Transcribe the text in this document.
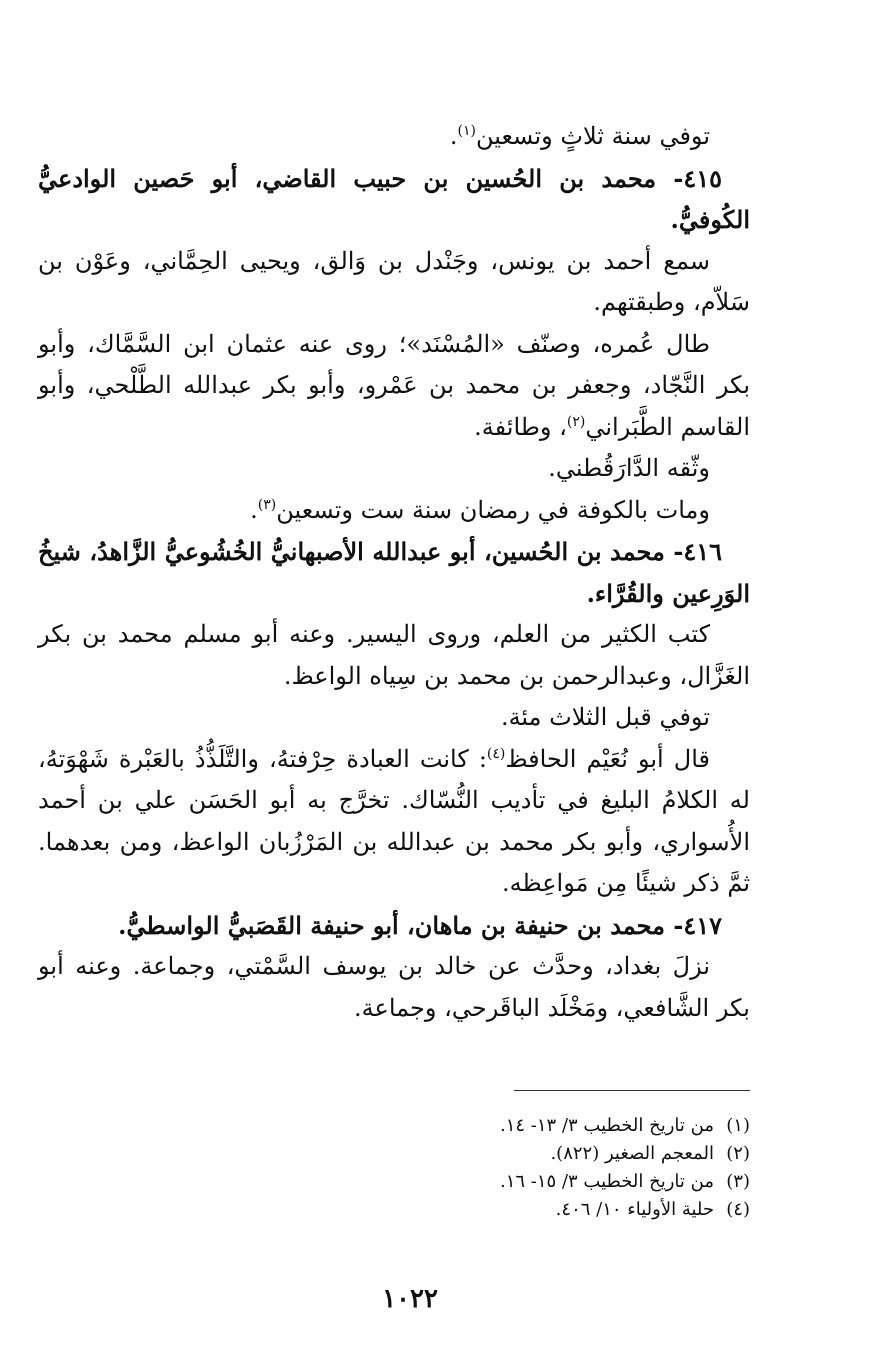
توفي سنة ثلاثٍ وتسعين$^{(١)}$.

٤١٥- محمد بن الحُسين بن حبيب القاضي، أبو حَصين الوادعيُّ الكُوفيُّ.

سمع أحمد بن يونس، وجَنْدل بن وَالق، ويحيى الحِمَّاني، وعَوْن بن سَلاّم، وطبقتهم.

طال عُمره، وصنّف «المُسْنَد»؛ روى عنه عثمان ابن السَّمَّاك، وأبو بكر النَّجّاد، وجعفر بن محمد بن عَمْرو، وأبو بكر عبدالله الطَّلْحي، وأبو القاسم الطَّبَراني$^{(٢)}$، وطائفة.

وثّقه الدَّارَقُطني.

ومات بالكوفة في رمضان سنة ست وتسعين$^{(٣)}$.

٤١٦- محمد بن الحُسين، أبو عبدالله الأصبهانيُّ الخُشُوعيُّ الزَّاهدُ، شيخُ الوَرِعين والقُرَّاء.

كتب الكثير من العلم، وروى اليسير. وعنه أبو مسلم محمد بن بكر الغَزَّال، وعبدالرحمن بن محمد بن سِياه الواعظ.

توفي قبل الثلاث مئة.

قال أبو نُعَيْم الحافظ$^{(٤)}$: كانت العبادة حِرْفتهُ، والتَّلَذُّذُ بالعَبْرة شَهْوَتهُ، له الكلامُ البليغ في تأديب النُّسّاك. تخرَّج به أبو الحَسَن علي بن أحمد الأُسواري، وأبو بكر محمد بن عبدالله بن المَرْزُبان الواعظ، ومن بعدهما. ثمَّ ذكر شيئًا مِن مَواعِظه.

٤١٧- محمد بن حنيفة بن ماهان، أبو حنيفة القَصَبيُّ الواسطيُّ.

نزلَ بغداد، وحدَّث عن خالد بن يوسف السَّمْتي، وجماعة. وعنه أبو بكر الشَّافعي، ومَخْلَد الباقَرحي، وجماعة.

(١)من تاريخ الخطيب ٣/ ١٣- ١٤.
(٢)المعجم الصغير (٨٢٢).
(٣)من تاريخ الخطيب ٣/ ١٥- ١٦.
(٤)حلية الأولياء ١٠/ ٤٠٦.
١٠٢٢
